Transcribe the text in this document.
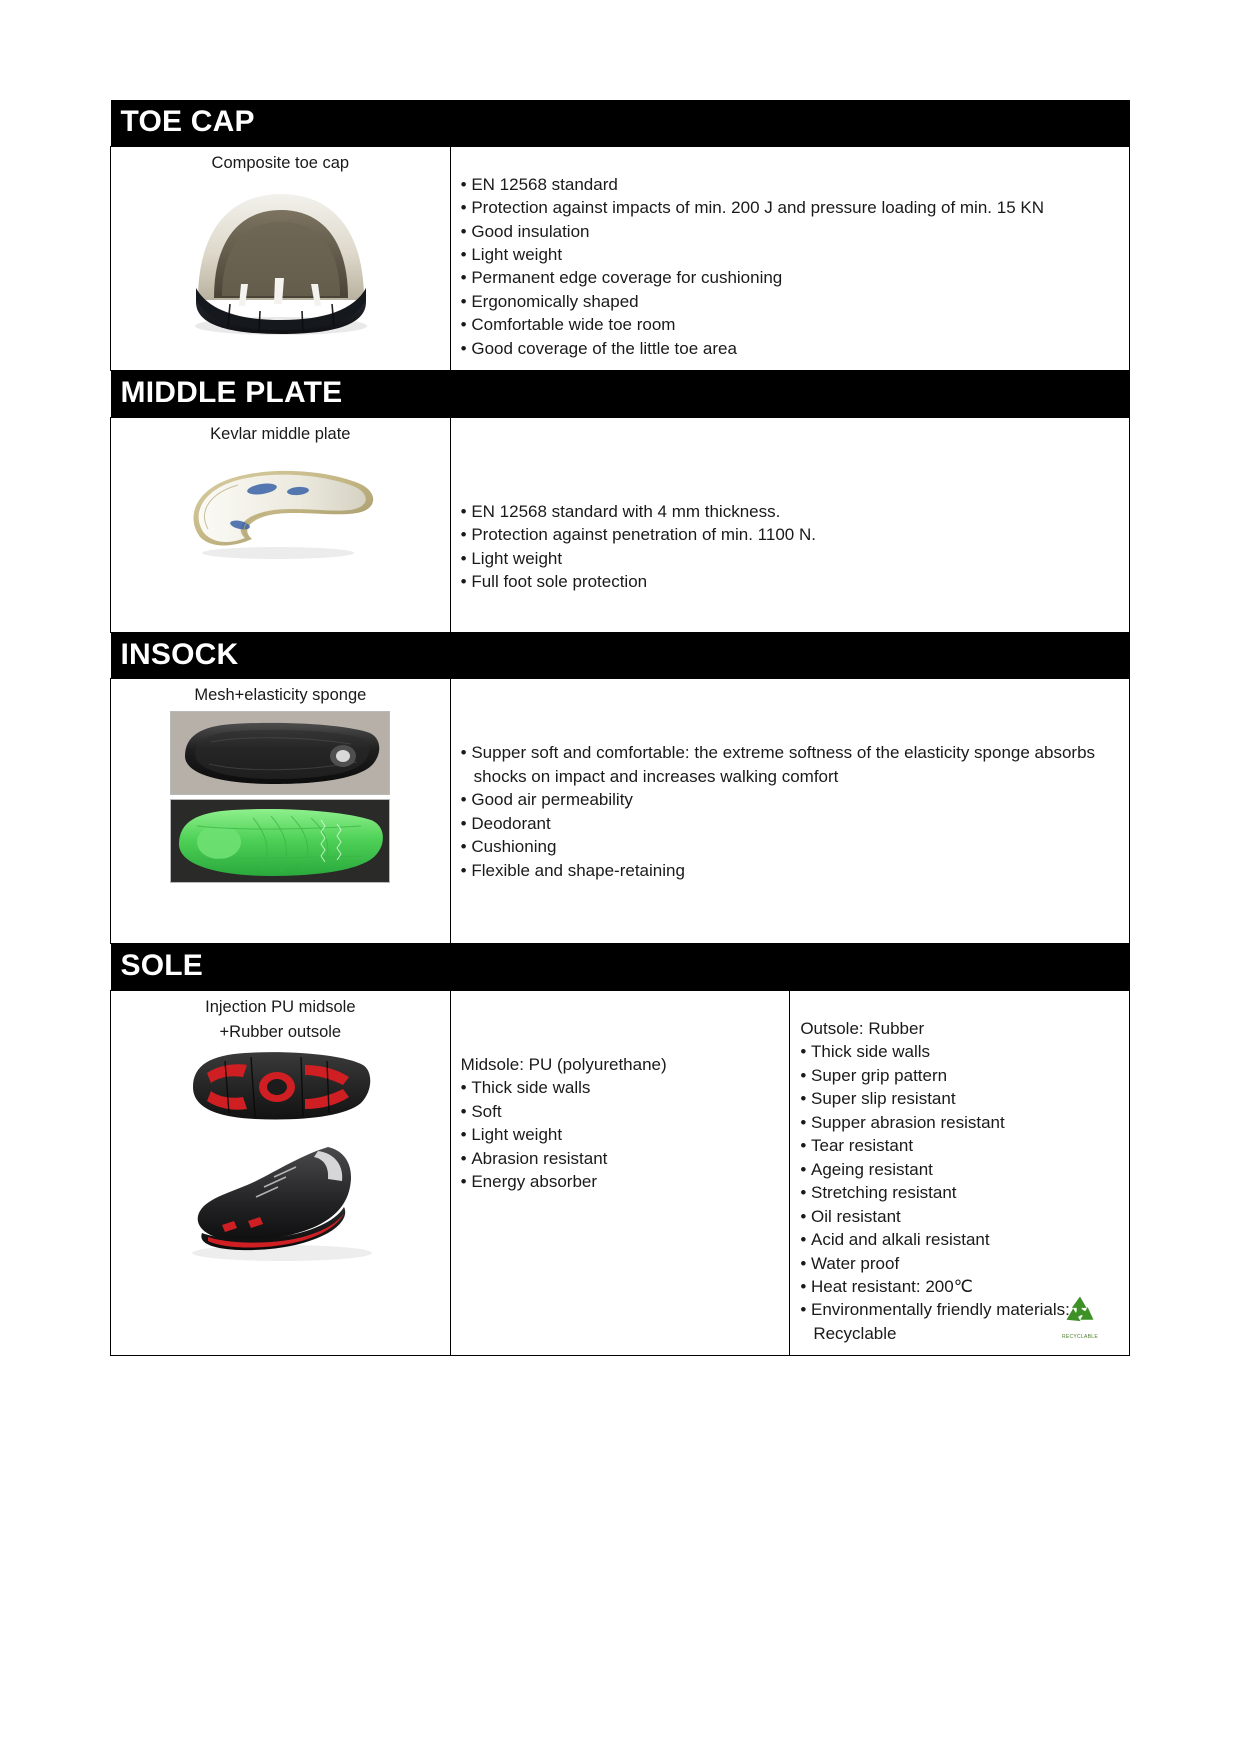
TOE CAP		

Composite toe cap

• EN 12568 standard
• Protection against impacts of min. 200 J and pressure loading of min. 15 KN
• Good insulation
• Light weight
• Permanent edge coverage for cushioning
• Ergonomically shaped
• Comfortable wide toe room
• Good coverage of the little toe area

MIDDLE PLATE		

Kevlar middle plate	• EN 12568 standard with 4 mm thickness.
• Protection against penetration of min. 1100 N.
• Light weight
• Full foot sole protection

INSOCK		

Mesh+elasticity sponge	• Supper soft and comfortable: the extreme softness of the elasticity sponge absorbs shocks on impact and increases walking comfort
• Good air permeability
• Deodorant
• Cushioning
• Flexible and shape-retaining

SOLE		

Injection PU midsole
+Rubber outsole

Midsole: PU (polyurethane)
• Thick side walls
• Soft
• Light weight
• Abrasion resistant
• Energy absorber

Outsole: Rubber
• Thick side walls
• Super grip pattern
• Super slip resistant
• Supper abrasion resistant
• Tear resistant
• Ageing resistant
• Stretching resistant
• Oil resistant
• Acid and alkali resistant
• Water proof
• Heat resistant: 200℃
• Environmentally friendly materials: Recyclable	RECYCLABLE
